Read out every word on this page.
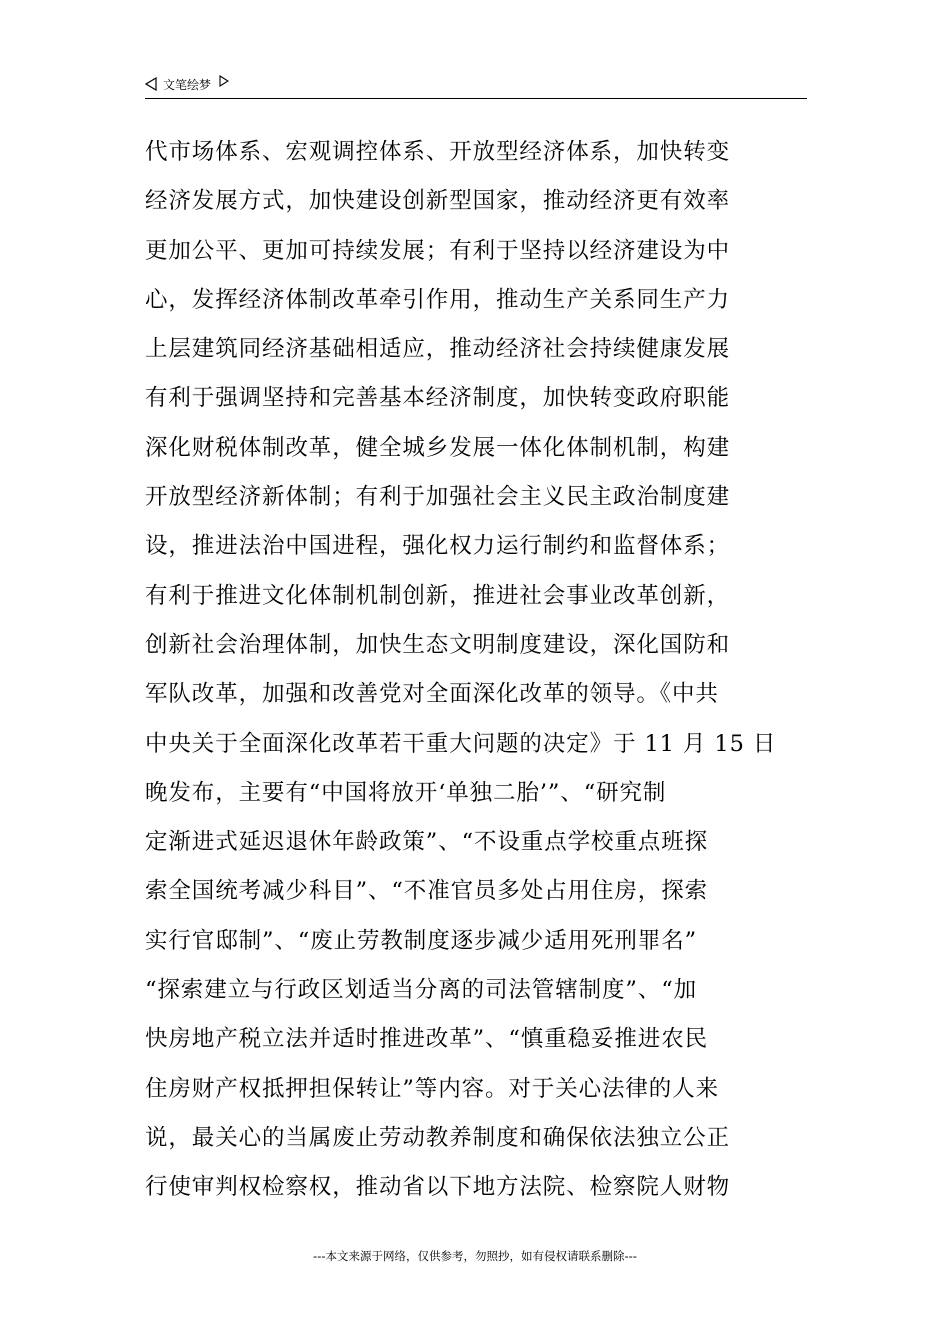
文笔绘梦
代市场体系、宏观调控体系、开放型经济体系，加快转变
经济发展方式，加快建设创新型国家，推动经济更有效率
更加公平、更加可持续发展；有利于坚持以经济建设为中
心，发挥经济体制改革牵引作用，推动生产关系同生产力
上层建筑同经济基础相适应，推动经济社会持续健康发展
有利于强调坚持和完善基本经济制度，加快转变政府职能
深化财税体制改革，健全城乡发展一体化体制机制，构建
开放型经济新体制；有利于加强社会主义民主政治制度建
设，推进法治中国进程，强化权力运行制约和监督体系；
有利于推进文化体制机制创新，推进社会事业改革创新，
创新社会治理体制，加快生态文明制度建设，深化国防和
军队改革，加强和改善党对全面深化改革的领导。《中共
中央关于全面深化改革若干重大问题的决定》于 11 月 15 日
晚发布，主要有“中国将放开‘单独二胎’”、“研究制
定渐进式延迟退休年龄政策”、“不设重点学校重点班探
索全国统考减少科目”、“不准官员多处占用住房，探索
实行官邸制”、“废止劳教制度逐步减少适用死刑罪名”
“探索建立与行政区划适当分离的司法管辖制度”、“加
快房地产税立法并适时推进改革”、“慎重稳妥推进农民
住房财产权抵押担保转让”等内容。对于关心法律的人来
说，最关心的当属废止劳动教养制度和确保依法独立公正
行使审判权检察权，推动省以下地方法院、检察院人财物
---本文来源于网络，仅供参考，勿照抄，如有侵权请联系删除---
